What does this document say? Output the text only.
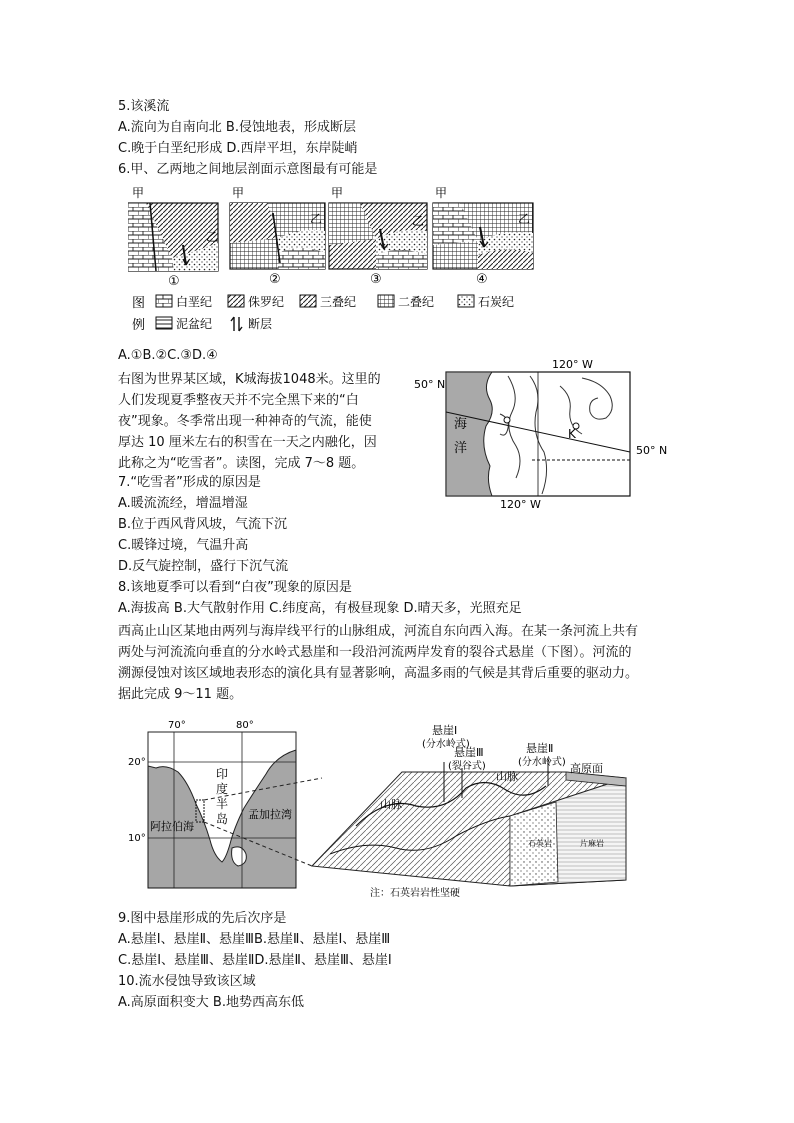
5.该溪流
A.流向为自南向北 B.侵蚀地表，形成断层
C.晚于白垩纪形成 D.西岸平坦，东岸陡峭
6.甲、乙两地之间地层剖面示意图最有可能是
甲
乙
①
甲
乙
②
甲
乙
③
甲
乙
④
图
例
白垩纪	侏罗纪	三叠纪	二叠纪	石炭纪
泥盆纪	断层
A.①B.②C.③D.④
右图为世界某区域，K城海拔1048米。这里的
人们发现夏季整夜天并不完全黑下来的“白
夜”现象。冬季常出现一种神奇的气流，能使
厚达 10 厘米左右的积雪在一天之内融化，因
此称之为“吃雪者”。读图，完成 7～8 题。
120° W
50° N
海
洋
K
50° N
120° W
7.“吃雪者”形成的原因是
A.暖流流经，增温增湿
B.位于西风背风坡，气流下沉
C.暖锋过境，气温升高
D.反气旋控制，盛行下沉气流
8.该地夏季可以看到“白夜”现象的原因是
A.海拔高 B.大气散射作用 C.纬度高，有极昼现象 D.晴天多，光照充足
西高止山区某地由两列与海岸线平行的山脉组成，河流自东向西入海。在某一条河流上共有
两处与河流流向垂直的分水岭式悬崖和一段沿河流两岸发育的裂谷式悬崖（下图）。河流的
溯源侵蚀对该区域地表形态的演化具有显著影响，高温多雨的气候是其背后重要的驱动力。
据此完成 9～11 题。
70°	80°
20°
10°
印
度
半
岛
阿拉伯海
孟加拉湾
悬崖Ⅰ
(分水岭式)
悬崖Ⅲ
(裂谷式)
悬崖Ⅱ
(分水岭式)
山脉
高原面
山脉
石英岩	片麻岩
注：石英岩岩性坚硬
9.图中悬崖形成的先后次序是
A.悬崖Ⅰ、悬崖Ⅱ、悬崖ⅢB.悬崖Ⅱ、悬崖Ⅰ、悬崖Ⅲ
C.悬崖Ⅰ、悬崖Ⅲ、悬崖ⅡD.悬崖Ⅱ、悬崖Ⅲ、悬崖Ⅰ
10.流水侵蚀导致该区域
A.高原面积变大 B.地势西高东低
